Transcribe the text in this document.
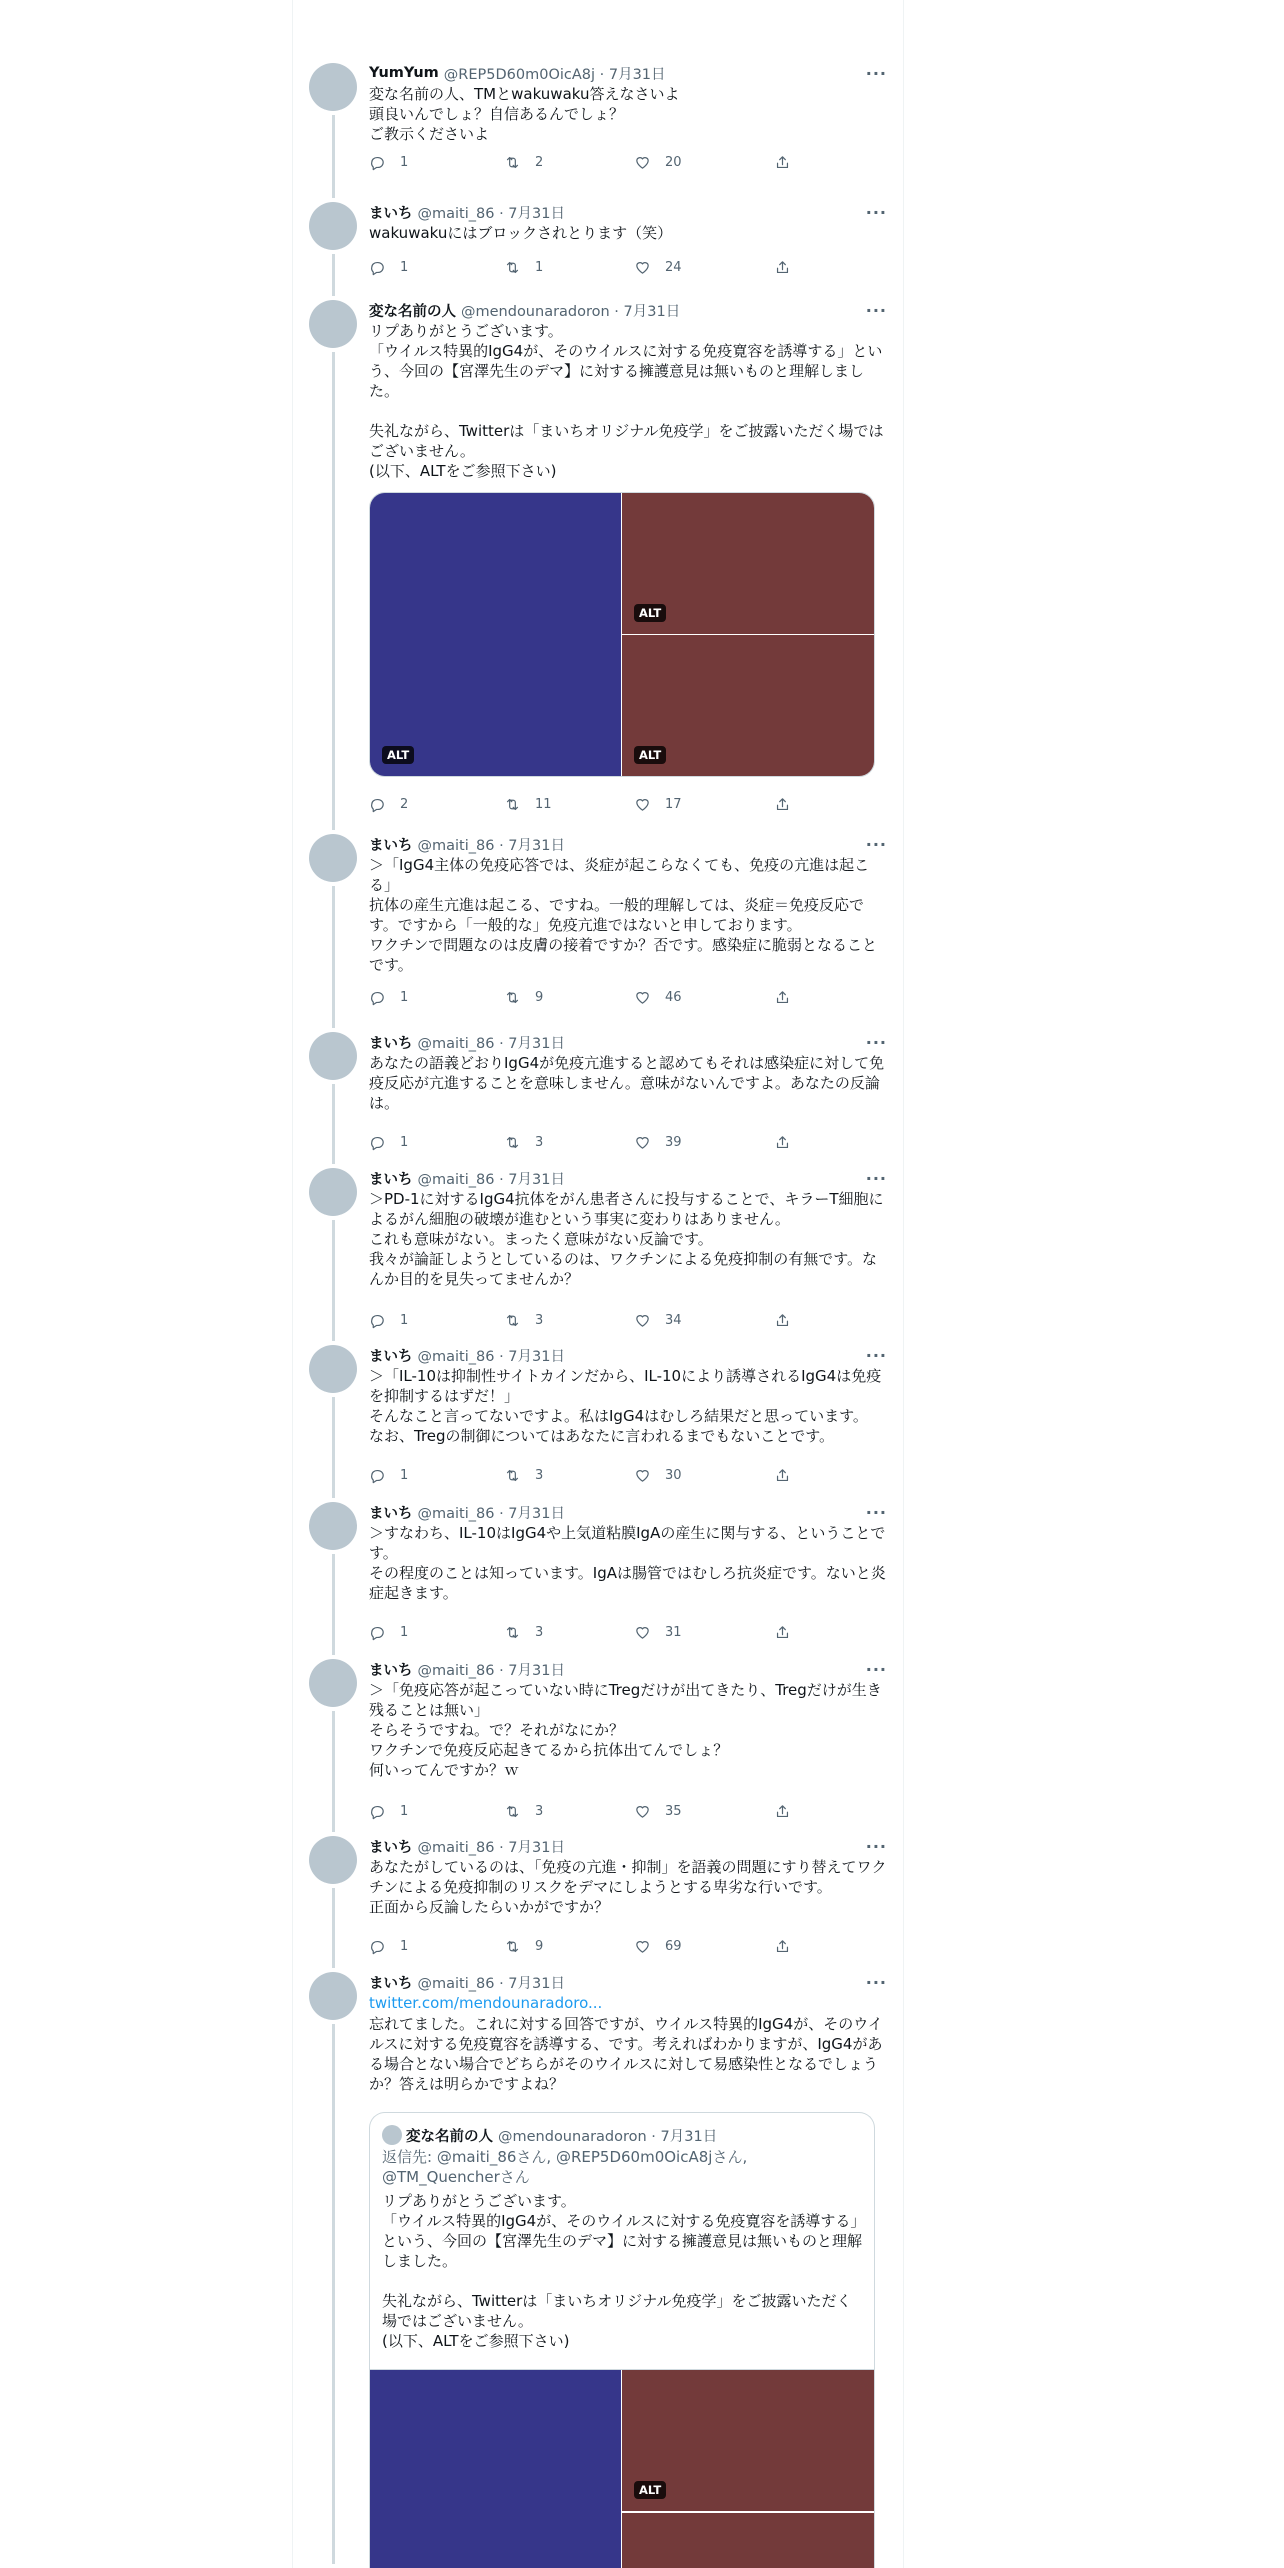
YumYum @REP5D60m0OicA8j · 7月31日	···
変な名前の人、TMとwakuwaku答えなさいよ
頭良いんでしょ？自信あるんでしょ？
ご教示くださいよ
1	2	20
まいち @maiti_86 · 7月31日	···
wakuwakuにはブロックされとります（笑）
1	1	24
変な名前の人 @mendounaradoron · 7月31日	···
リプありがとうございます。
「ウイルス特異的IgG4が、そのウイルスに対する免疫寛容を誘導する」という、今回の【宮澤先生のデマ】に対する擁護意見は無いものと理解しました。

失礼ながら、Twitterは「まいちオリジナル免疫学」をご披露いただく場ではございません。
(以下、ALTをご参照下さい)
ALT
ALT
ALT
2	11	17
まいち @maiti_86 · 7月31日	···
＞「IgG4主体の免疫応答では、炎症が起こらなくても、免疫の亢進は起こる」
抗体の産生亢進は起こる、ですね。一般的理解しては、炎症＝免疫反応です。ですから「一般的な」免疫亢進ではないと申しております。
ワクチンで問題なのは皮膚の接着ですか？否です。感染症に脆弱となることです。
1	9	46
まいち @maiti_86 · 7月31日	···
あなたの語義どおりIgG4が免疫亢進すると認めてもそれは感染症に対して免疫反応が亢進することを意味しません。意味がないんですよ。あなたの反論は。
1	3	39
まいち @maiti_86 · 7月31日	···
＞PD-1に対するIgG4抗体をがん患者さんに投与することで、キラーT細胞によるがん細胞の破壊が進むという事実に変わりはありません。
これも意味がない。まったく意味がない反論です。
我々が論証しようとしているのは、ワクチンによる免疫抑制の有無です。なんか目的を見失ってませんか？
1	3	34
まいち @maiti_86 · 7月31日	···
＞「IL-10は抑制性サイトカインだから、IL-10により誘導されるIgG4は免疫を抑制するはずだ！」
そんなこと言ってないですよ。私はIgG4はむしろ結果だと思っています。
なお、Tregの制御についてはあなたに言われるまでもないことです。
1	3	30
まいち @maiti_86 · 7月31日	···
＞すなわち、IL-10はIgG4や上気道粘膜IgAの産生に関与する、ということです。
その程度のことは知っています。IgAは腸管ではむしろ抗炎症です。ないと炎症起きます。
1	3	31
まいち @maiti_86 · 7月31日	···
＞「免疫応答が起こっていない時にTregだけが出てきたり、Tregだけが生き残ることは無い」
そらそうですね。で？それがなにか？
ワクチンで免疫反応起きてるから抗体出てんでしょ？
何いってんですか？ｗ
1	3	35
まいち @maiti_86 · 7月31日	···
あなたがしているのは、「免疫の亢進・抑制」を語義の問題にすり替えてワクチンによる免疫抑制のリスクをデマにしようとする卑劣な行いです。
正面から反論したらいかがですか？
1	9	69
まいち @maiti_86 · 7月31日	···
twitter.com/mendounaradoro...
忘れてました。これに対する回答ですが、ウイルス特異的IgG4が、そのウイルスに対する免疫寛容を誘導する、です。考えればわかりますが、IgG4がある場合とない場合でどちらがそのウイルスに対して易感染性となるでしょうか？答えは明らかですよね？
変な名前の人 @mendounaradoron · 7月31日
返信先: @maiti_86さん, @REP5D60m0OicA8jさん, @TM_Quencherさん
リプありがとうございます。
「ウイルス特異的IgG4が、そのウイルスに対する免疫寛容を誘導する」という、今回の【宮澤先生のデマ】に対する擁護意見は無いものと理解しました。

失礼ながら、Twitterは「まいちオリジナル免疫学」をご披露いただく場ではございません。
(以下、ALTをご参照下さい)
ALT
